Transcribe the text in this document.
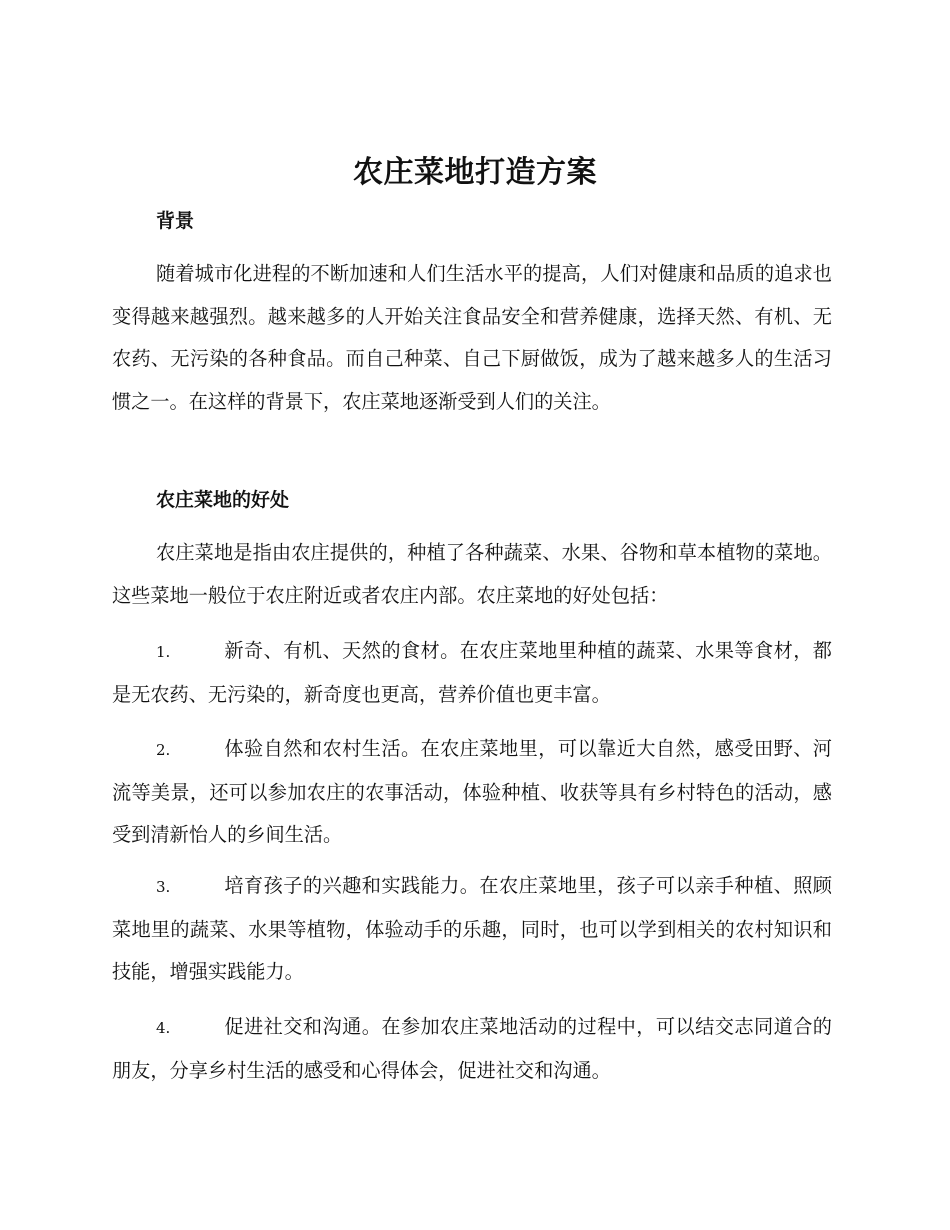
农庄菜地打造方案
背景

随着城市化进程的不断加速和人们生活水平的提高，人们对健康和品质的追求也变得越来越强烈。越来越多的人开始关注食品安全和营养健康，选择天然、有机、无农药、无污染的各种食品。而自己种菜、自己下厨做饭，成为了越来越多人的生活习惯之一。在这样的背景下，农庄菜地逐渐受到人们的关注。

农庄菜地的好处

农庄菜地是指由农庄提供的，种植了各种蔬菜、水果、谷物和草本植物的菜地。这些菜地一般位于农庄附近或者农庄内部。农庄菜地的好处包括：

1.	新奇、有机、天然的食材。在农庄菜地里种植的蔬菜、水果等食材，都是无农药、无污染的，新奇度也更高，营养价值也更丰富。

2.	体验自然和农村生活。在农庄菜地里，可以靠近大自然，感受田野、河流等美景，还可以参加农庄的农事活动，体验种植、收获等具有乡村特色的活动，感受到清新怡人的乡间生活。

3.	培育孩子的兴趣和实践能力。在农庄菜地里，孩子可以亲手种植、照顾菜地里的蔬菜、水果等植物，体验动手的乐趣，同时，也可以学到相关的农村知识和技能，增强实践能力。

4.	促进社交和沟通。在参加农庄菜地活动的过程中，可以结交志同道合的朋友，分享乡村生活的感受和心得体会，促进社交和沟通。
